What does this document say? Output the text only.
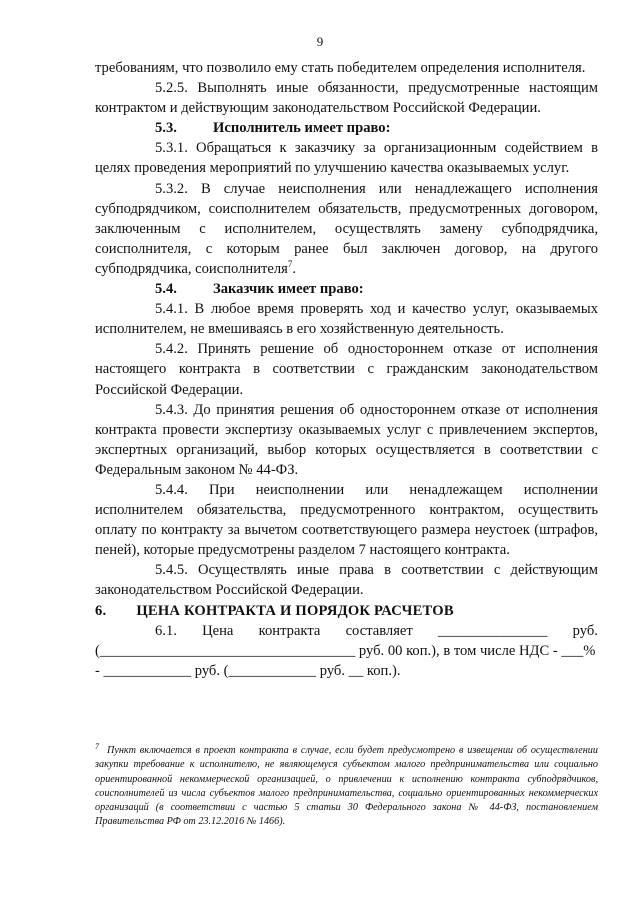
9

требованиям, что позволило ему стать победителем определения исполнителя.

5.2.5. Выполнять иные обязанности, предусмотренные настоящим контрактом и действующим законодательством Российской Федерации.

5.3. Исполнитель имеет право:

5.3.1. Обращаться к заказчику за организационным содействием в целях проведения мероприятий по улучшению качества оказываемых услуг.

5.3.2. В случае неисполнения или ненадлежащего исполнения субподрядчиком, соисполнителем обязательств, предусмотренных договором, заключенным с исполнителем, осуществлять замену субподрядчика, соисполнителя, с которым ранее был заключен договор, на другого субподрядчика, соисполнителя$^7$.

5.4. Заказчик имеет право:

5.4.1. В любое время проверять ход и качество услуг, оказываемых исполнителем, не вмешиваясь в его хозяйственную деятельность.

5.4.2. Принять решение об одностороннем отказе от исполнения настоящего контракта в соответствии с гражданским законодательством Российской Федерации.

5.4.3. До принятия решения об одностороннем отказе от исполнения контракта провести экспертизу оказываемых услуг с привлечением экспертов, экспертных организаций, выбор которых осуществляется в соответствии с Федеральным законом № 44-ФЗ.

5.4.4. При неисполнении или ненадлежащем исполнении исполнителем обязательства, предусмотренного контрактом, осуществить оплату по контракту за вычетом соответствующего размера неустоек (штрафов, пеней), которые предусмотрены разделом 7 настоящего контракта.

5.4.5. Осуществлять иные права в соответствии с действующим законодательством Российской Федерации.

6. ЦЕНА КОНТРАКТА И ПОРЯДОК РАСЧЕТОВ

6.1. Цена контракта составляет _______________ руб.

(___________________________________ руб. 00 коп.), в том числе НДС - ___%

- ____________ руб. (____________ руб. __ коп.).

$^7$ Пункт включается в проект контракта в случае, если будет предусмотрено в извещении об осуществлении закупки требование к исполнителю, не являющемуся субъектом малого предпринимательства или социально ориентированной некоммерческой организацией, о привлечении к исполнению контракта субподрядчиков, соисполнителей из числа субъектов малого предпринимательства, социально ориентированных некоммерческих организаций (в соответствии с частью 5 статьи 30 Федерального закона № 44-ФЗ, постановлением Правительства РФ от 23.12.2016 № 1466).
